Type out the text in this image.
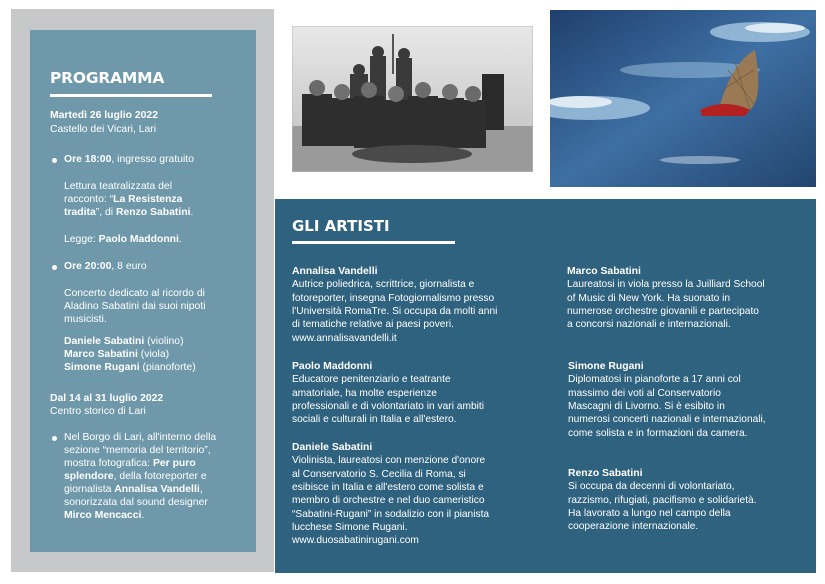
PROGRAMMA
Martedì 26 luglio 2022
Castello dei Vicari, Lari
Ore 18:00, ingresso gratuito
Lettura teatralizzata del
racconto: “La Resistenza
tradita”, di Renzo Sabatini.
Legge: Paolo Maddonni.
Ore 20:00, 8 euro
Concerto dedicato al ricordo di
Aladino Sabatini dai suoi nipoti
musicisti.
Daniele Sabatini (violino)
Marco Sabatini (viola)
Simone Rugani (pianoforte)
Dal 14 al 31 luglio 2022
Centro storico di Lari
Nel Borgo di Lari, all'interno della
sezione “memoria del territorio”,
mostra fotografica: Per puro
splendore, della fotoreporter e
giornalista Annalisa Vandelli,
sonorizzata dal sound designer
Mirco Mencacci.
GLI ARTISTI
Annalisa Vandelli
Autrice poliedrica, scrittrice, giornalista e
fotoreporter, insegna Fotogiornalismo presso
l'Università RomaTre. Si occupa da molti anni
di tematiche relative ai paesi poveri.
www.annalisavandelli.it
Paolo Maddonni
Educatore penitenziario e teatrante
amatoriale, ha molte esperienze
professionali e di volontariato in vari ambiti
sociali e culturali in Italia e all'estero.
Daniele Sabatini
Violinista, laureatosi con menzione d'onore
al Conservatorio S. Cecilia di Roma, si
esibisce in Italia e all'estero come solista e
membro di orchestre e nel duo cameristico
“Sabatini-Rugani” in sodalizio con il pianista
lucchese Simone Rugani.
www.duosabatinirugani.com
Marco Sabatini
Laureatosi in viola presso la Juilliard School
of Music di New York. Ha suonato in
numerose orchestre giovanili e partecipato
a concorsi nazionali e internazionali.
Simone Rugani
Diplomatosi in pianoforte a 17 anni col
massimo dei voti al Conservatorio
Mascagni di Livorno. Si è esibito in
numerosi concerti nazionali e internazionali,
come solista e in formazioni da camera.
Renzo Sabatini
Si occupa da decenni di volontariato,
razzismo, rifugiati, pacifismo e solidarietà.
Ha lavorato a lungo nel campo della
cooperazione internazionale.
